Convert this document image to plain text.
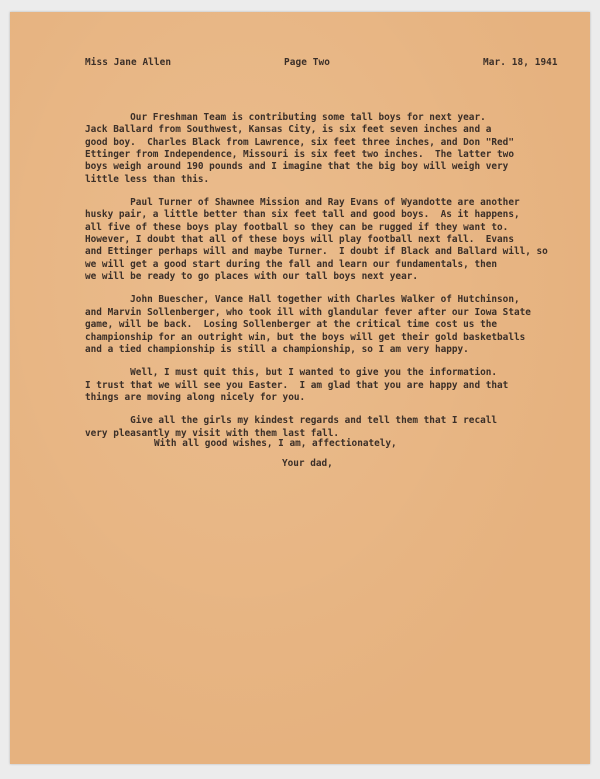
Miss Jane Allen	Page Two	Mar. 18, 1941

Our Freshman Team is contributing some tall boys for next year.
Jack Ballard from Southwest, Kansas City, is six feet seven inches and a
good boy.  Charles Black from Lawrence, six feet three inches, and Don "Red"
Ettinger from Independence, Missouri is six feet two inches.  The latter two
boys weigh around 190 pounds and I imagine that the big boy will weigh very
little less than this.

Paul Turner of Shawnee Mission and Ray Evans of Wyandotte are another
husky pair, a little better than six feet tall and good boys.  As it happens,
all five of these boys play football so they can be rugged if they want to.
However, I doubt that all of these boys will play football next fall.  Evans
and Ettinger perhaps will and maybe Turner.  I doubt if Black and Ballard will, so
we will get a good start during the fall and learn our fundamentals, then
we will be ready to go places with our tall boys next year.

John Buescher, Vance Hall together with Charles Walker of Hutchinson,
and Marvin Sollenberger, who took ill with glandular fever after our Iowa State
game, will be back.  Losing Sollenberger at the critical time cost us the
championship for an outright win, but the boys will get their gold basketballs
and a tied championship is still a championship, so I am very happy.

Well, I must quit this, but I wanted to give you the information.
I trust that we will see you Easter.  I am glad that you are happy and that
things are moving along nicely for you.

Give all the girls my kindest regards and tell them that I recall
very pleasantly my visit with them last fall.

With all good wishes, I am, affectionately,

Your dad,
